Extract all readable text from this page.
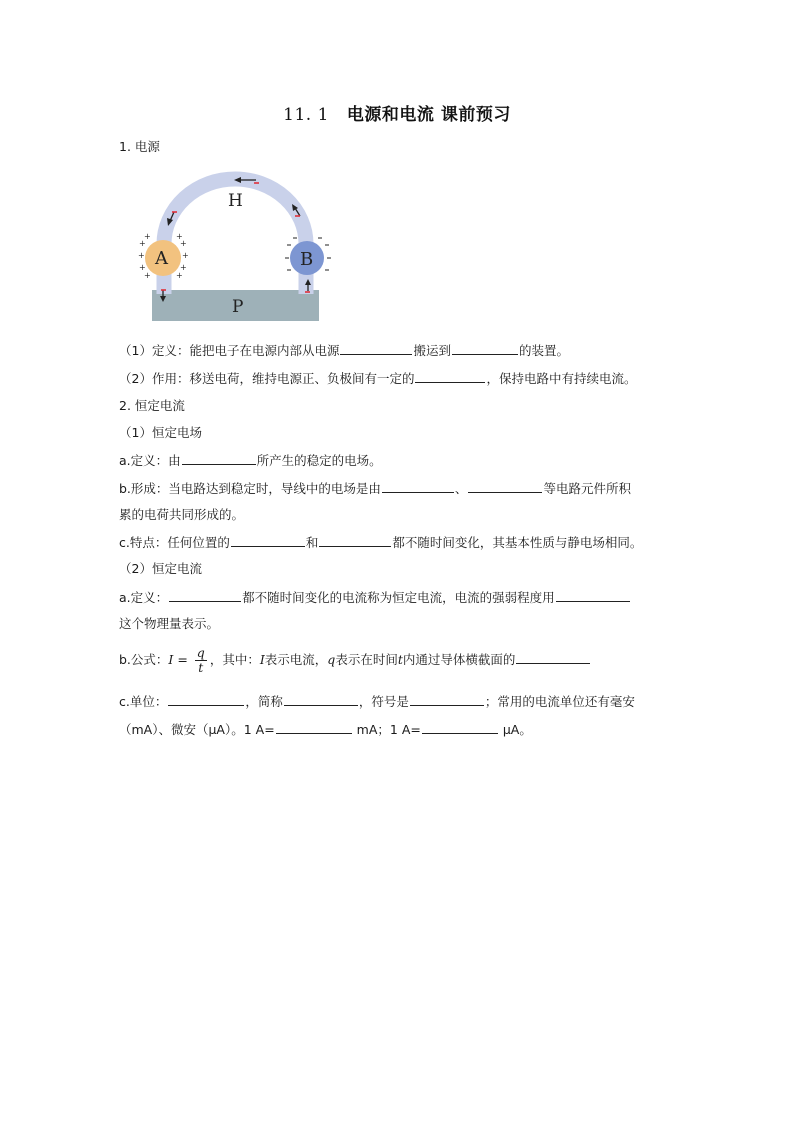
11. 1 电源和电流 课前预习
1. 电源
+
+
+
+	+
+
+
+
+
+
A	B
H
P
（1）定义：能把电子在电源内部从电源	搬运到	的装置。
（2）作用：移送电荷，维持电源正、负极间有一定的	，保持电路中有持续电流。
2. 恒定电流
（1）恒定电场
a.定义：由	所产生的稳定的电场。
b.形成：当电路达到稳定时，导线中的电场是由	、	等电路元件所积
累的电荷共同形成的。
c.特点：任何位置的	和	都不随时间变化，其基本性质与静电场相同。
（2）恒定电流
a.定义：	都不随时间变化的电流称为恒定电流，电流的强弱程度用
这个物理量表示。
b.公式：$I = \frac{q}{t}$ ，其中：I表示电流，q表示在时间t内通过导体横截面的
c.单位：	，简称	，符号是	；常用的电流单位还有毫安
（mA）、微安（μA）。1 A=	mA；1 A=	μA。
